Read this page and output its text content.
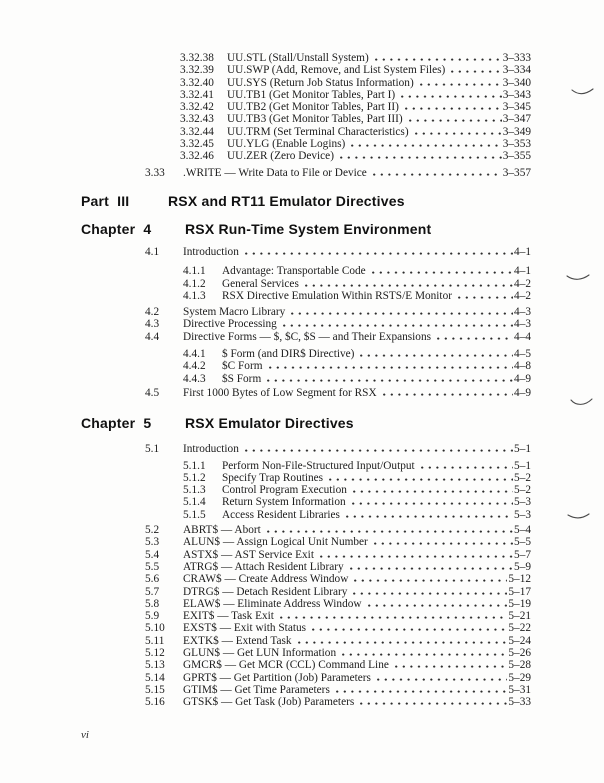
3.32.38	UU.STL (Stall/Unstall System)	3–333
3.32.39	UU.SWP (Add, Remove, and List System Files)	3–334
3.32.40	UU.SYS (Return Job Status Information)	3–340
3.32.41	UU.TB1 (Get Monitor Tables, Part I)	3–343
3.32.42	UU.TB2 (Get Monitor Tables, Part II)	3–345
3.32.43	UU.TB3 (Get Monitor Tables, Part III)	3–347
3.32.44	UU.TRM (Set Terminal Characteristics)	3–349
3.32.45	UU.YLG (Enable Logins)	3–353
3.32.46	UU.ZER (Zero Device)	3–355
3.33	.WRITE — Write Data to File or Device	3–357
Part III	RSX and RT11 Emulator Directives
Chapter 4	RSX Run-Time System Environment
4.1	Introduction	4–1
4.1.1	Advantage: Transportable Code	4–1
4.1.2	General Services	4–2
4.1.3	RSX Directive Emulation Within RSTS/E Monitor	4–2
4.2	System Macro Library	4–3
4.3	Directive Processing	4–3
4.4	Directive Forms — $, $C, $S — and Their Expansions	4–4
4.4.1	$ Form (and DIR$ Directive)	4–5
4.4.2	$C Form	4–8
4.4.3	$S Form	4–9
4.5	First 1000 Bytes of Low Segment for RSX	4–9
Chapter 5	RSX Emulator Directives
5.1	Introduction	5–1
5.1.1	Perform Non-File-Structured Input/Output	5–1
5.1.2	Specify Trap Routines	5–2
5.1.3	Control Program Execution	5–2
5.1.4	Return System Information	5–3
5.1.5	Access Resident Libraries	5–3
5.2	ABRT$ — Abort	5–4
5.3	ALUN$ — Assign Logical Unit Number	5–5
5.4	ASTX$ — AST Service Exit	5–7
5.5	ATRG$ — Attach Resident Library	5–9
5.6	CRAW$ — Create Address Window	5–12
5.7	DTRG$ — Detach Resident Library	5–17
5.8	ELAW$ — Eliminate Address Window	5–19
5.9	EXIT$ — Task Exit	5–21
5.10	EXST$ — Exit with Status	5–22
5.11	EXTK$ — Extend Task	5–24
5.12	GLUN$ — Get LUN Information	5–26
5.13	GMCR$ — Get MCR (CCL) Command Line	5–28
5.14	GPRT$ — Get Partition (Job) Parameters	5–29
5.15	GTIM$ — Get Time Parameters	5–31
5.16	GTSK$ — Get Task (Job) Parameters	5–33
vi
